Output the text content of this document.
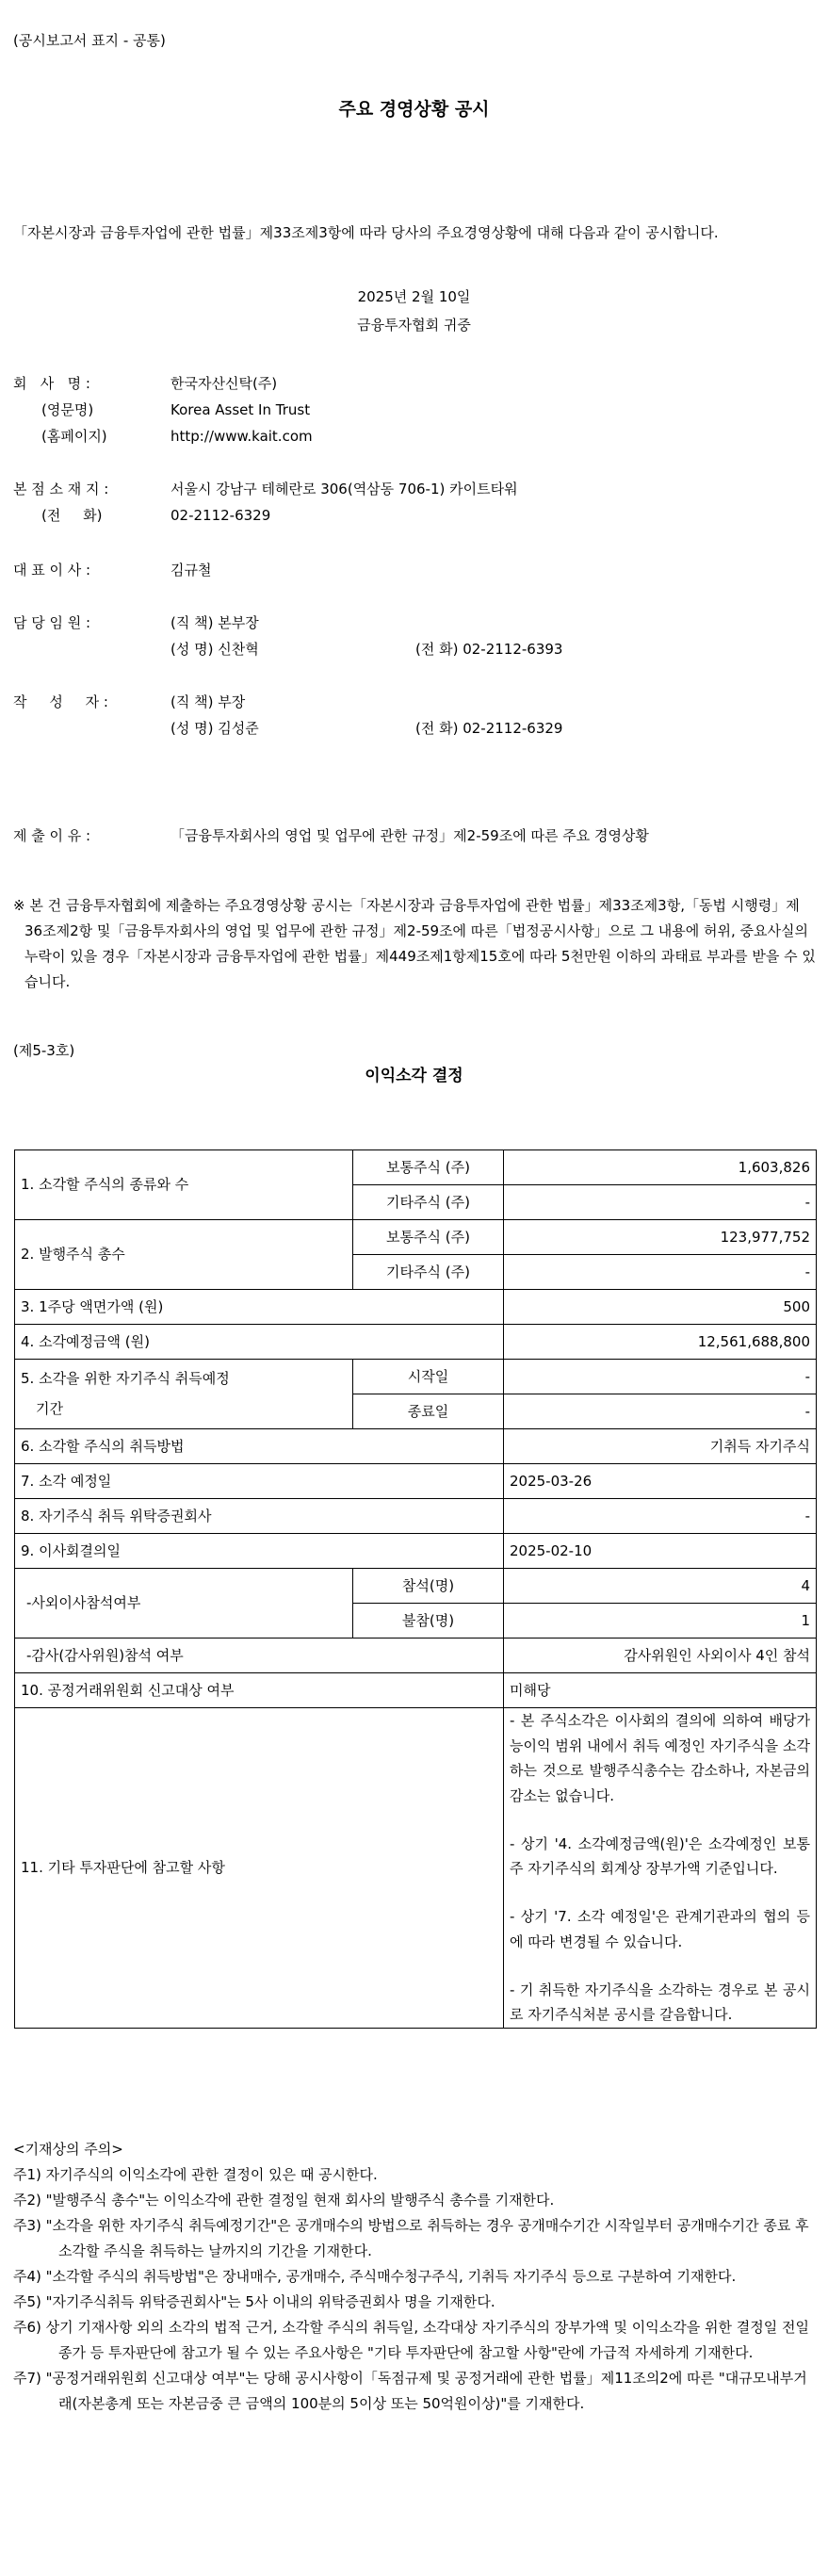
(공시보고서 표지 - 공통)
주요 경영상황 공시
「자본시장과 금융투자업에 관한 법률」제33조제3항에 따라 당사의 주요경영상황에 대해 다음과 같이 공시합니다.
2025년 2월 10일
금융투자협회 귀중
회   사   명 :	한국자산신탁(주)
(영문명)	Korea Asset In Trust
(홈페이지)	http://www.kait.com
본 점 소 재 지 :	서울시 강남구 테헤란로 306(역삼동 706-1) 카이트타워
(전     화)	02-2112-6329
대 표 이 사 :	김규철
담 당 임 원 :	(직 책) 본부장
(성 명) 신찬혁	(전 화) 02-2112-6393
작     성     자 :	(직 책) 부장
(성 명) 김성준	(전 화) 02-2112-6329
제 출 이 유 :	「금융투자회사의 영업 및 업무에 관한 규정」제2-59조에 따른 주요 경영상황
※ 본 건 금융투자협회에 제출하는 주요경영상황 공시는「자본시장과 금융투자업에 관한 법률」제33조제3항,「동법 시행령」제36조제2항 및「금융투자회사의 영업 및 업무에 관한 규정」제2-59조에 따른「법정공시사항」으로 그 내용에 허위, 중요사실의 누락이 있을 경우「자본시장과 금융투자업에 관한 법률」제449조제1항제15호에 따라 5천만원 이하의 과태료 부과를 받을 수 있습니다.
(제5-3호)
이익소각 결정
1. 소각할 주식의 종류와 수	보통주식 (주)	1,603,826
	기타주식 (주)	-
2. 발행주식 총수	보통주식 (주)	123,977,752
	기타주식 (주)	-
3. 1주당 액면가액 (원)		500
4. 소각예정금액 (원)		12,561,688,800
5. 소각을 위한 자기주식 취득예정
기간	시작일	-
	종료일	-
6. 소각할 주식의 취득방법		기취득 자기주식
7. 소각 예정일		2025-03-26
8. 자기주식 취득 위탁증권회사		-
9. 이사회결의일		2025-02-10
-사외이사참석여부	참석(명)	4
	불참(명)	1
-감사(감사위원)참석 여부		감사위원인 사외이사 4인 참석
10. 공정거래위원회 신고대상 여부		미해당
11. 기타 투자판단에 참고할 사항		- 본 주식소각은 이사회의 결의에 의하여 배당가능이익 범위 내에서 취득 예정인 자기주식을 소각하는 것으로 발행주식총수는 감소하나, 자본금의 감소는 없습니다.

- 상기 '4. 소각예정금액(원)'은 소각예정인 보통주 자기주식의 회계상 장부가액 기준입니다.

- 상기 '7. 소각 예정일'은 관계기관과의 협의 등에 따라 변경될 수 있습니다.

- 기 취득한 자기주식을 소각하는 경우로 본 공시로 자기주식처분 공시를 갈음합니다.

<기재상의 주의>
주1) 자기주식의 이익소각에 관한 결정이 있은 때 공시한다.
주2) "발행주식 총수"는 이익소각에 관한 결정일 현재 회사의 발행주식 총수를 기재한다.
주3) "소각을 위한 자기주식 취득예정기간"은 공개매수의 방법으로 취득하는 경우 공개매수기간 시작일부터 공개매수기간 종료 후 소각할 주식을 취득하는 날까지의 기간을 기재한다.
주4) "소각할 주식의 취득방법"은 장내매수, 공개매수, 주식매수청구주식, 기취득 자기주식 등으로 구분하여 기재한다.
주5) "자기주식취득 위탁증권회사"는 5사 이내의 위탁증권회사 명을 기재한다.
주6) 상기 기재사항 외의 소각의 법적 근거, 소각할 주식의 취득일, 소각대상 자기주식의 장부가액 및 이익소각을 위한 결정일 전일 종가 등 투자판단에 참고가 될 수 있는 주요사항은 "기타 투자판단에 참고할 사항"란에 가급적 자세하게 기재한다.
주7) "공정거래위원회 신고대상 여부"는 당해 공시사항이「독점규제 및 공정거래에 관한 법률」제11조의2에 따른 "대규모내부거래(자본총계 또는 자본금중 큰 금액의 100분의 5이상 또는 50억원이상)"를 기재한다.
